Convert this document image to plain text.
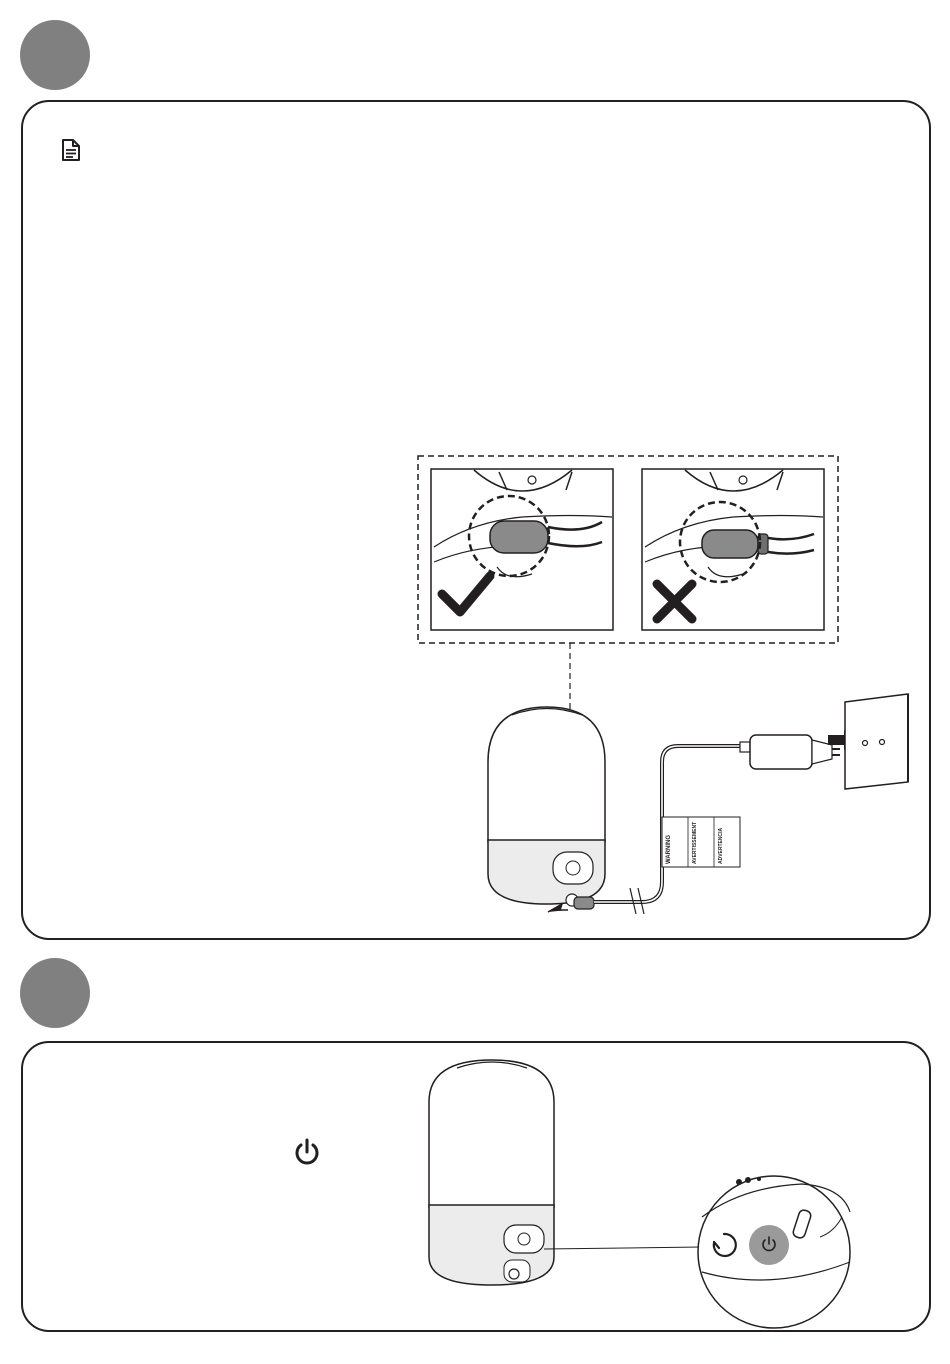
WARNING	AVERTISSEMENT	ADVERTENCIA
